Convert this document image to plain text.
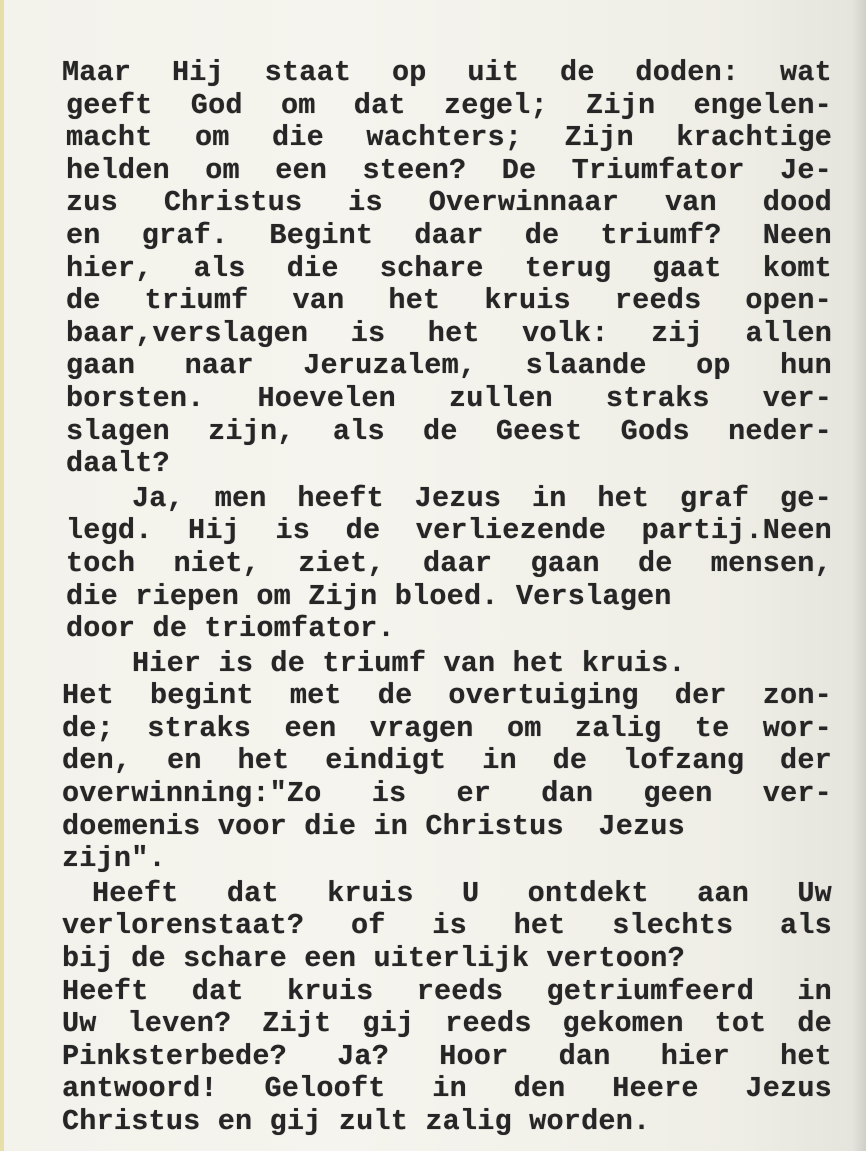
Maar Hij staat op uit de doden: wat
geeft God om dat zegel; Zijn engelen-
macht om die wachters; Zijn krachtige
helden om een steen? De Triumfator Je-
zus Christus is Overwinnaar van dood
en graf. Begint daar de triumf? Neen
hier, als die schare terug gaat komt
de triumf van het kruis reeds open-
baar,verslagen is het volk: zij allen
gaan naar Jeruzalem, slaande op hun
borsten. Hoevelen zullen straks ver-
slagen zijn, als de Geest Gods neder-
daalt?
Ja, men heeft Jezus in het graf ge-
legd. Hij is de verliezende partij.Neen
toch niet, ziet, daar gaan de mensen,
die riepen om Zijn bloed. Verslagen
door de triomfator.
Hier is de triumf van het kruis.
Het begint met de overtuiging der zon-
de; straks een vragen om zalig te wor-
den, en het eindigt in de lofzang der
overwinning:"Zo is er dan geen ver-
doemenis voor die in Christus  Jezus
zijn".
Heeft dat kruis U ontdekt aan Uw
verlorenstaat? of is het slechts als
bij de schare een uiterlijk vertoon?
Heeft dat kruis reeds getriumfeerd in
Uw leven? Zijt gij reeds gekomen tot de
Pinksterbede? Ja? Hoor dan hier het
antwoord! Gelooft in den Heere Jezus
Christus en gij zult zalig worden.
